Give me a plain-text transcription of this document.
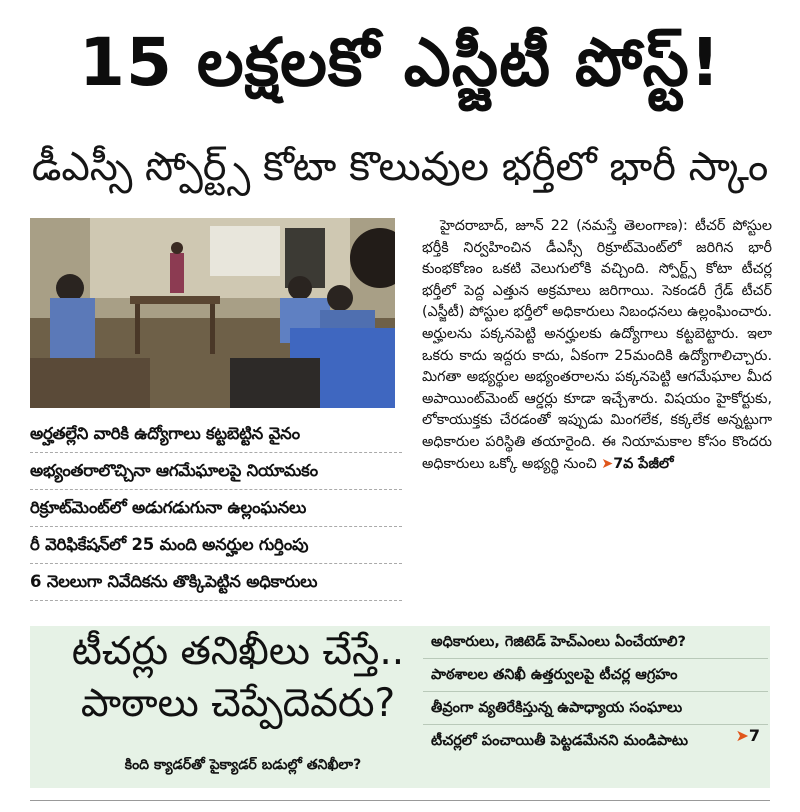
15 లక్షలకో ఎస్జీటీ పోస్ట్!
డీఎస్సీ స్పోర్ట్స్ కోటా కొలువుల భర్తీలో భారీ స్కాం
అర్హతల్లేని వారికి ఉద్యోగాలు కట్టబెట్టిన వైనం
అభ్యంతరాలొచ్చినా ఆగమేఘాలపై నియామకం
రిక్రూట్‌మెంట్‌లో అడుగడుగునా ఉల్లంఘనలు
రీ వెరిఫికేషన్‌లో 25 మంది అనర్హుల గుర్తింపు
6 నెలలుగా నివేదికను తొక్కిపెట్టిన అధికారులు

హైదరాబాద్, జూన్ 22 (నమస్తే తెలంగాణ): టీచర్ పోస్టుల భర్తీకి నిర్వహించిన డీఎస్సీ రిక్రూట్‌మెంట్‌లో జరిగిన భారీ కుంభకోణం ఒకటి వెలుగులోకి వచ్చింది. స్పోర్ట్స్ కోటా టీచర్ల భర్తీలో పెద్ద ఎత్తున అక్రమాలు జరిగాయి. సెకండరీ గ్రేడ్ టీచర్ (ఎస్జీటీ) పోస్టుల భర్తీలో అధికారులు నిబంధనలు ఉల్లంఘించారు. అర్హులను పక్కనపెట్టి అనర్హులకు ఉద్యోగాలు కట్టబెట్టారు. ఇలా ఒకరు కాదు ఇద్దరు కాదు, ఏకంగా 25మందికి ఉద్యోగాలిచ్చారు. మిగతా అభ్యర్థుల అభ్యంతరాలను పక్కనపెట్టి ఆగమేఘాల మీద అపాయింట్‌మెంట్ ఆర్డర్లు కూడా ఇచ్చేశారు. విషయం హైకోర్టుకు, లోకాయుక్తకు చేరడంతో ఇప్పుడు మింగలేక, కక్కలేక అన్నట్టుగా అధికారుల పరిస్థితి తయారైంది. ఈ నియామకాల కోసం కొందరు అధికారులు ఒక్కో అభ్యర్థి నుంచి ➤7వ పేజీలో

టీచర్లు తనిఖీలు చేస్తే..
పాఠాలు చెప్పేదెవరు?
కింది క్యాడర్‌తో పైక్యాడర్ బడుల్లో తనిఖీలా?
అధికారులు, గెజిటెడ్ హెచ్‌ఎంలు ఏంచేయాలి?
పాఠశాలల తనిఖీ ఉత్తర్వులపై టీచర్ల ఆగ్రహం
తీవ్రంగా వ్యతిరేకిస్తున్న ఉపాధ్యాయ సంఘాలు
టీచర్లలో పంచాయితీ పెట్టడమేనని మండిపాటు	➤7
